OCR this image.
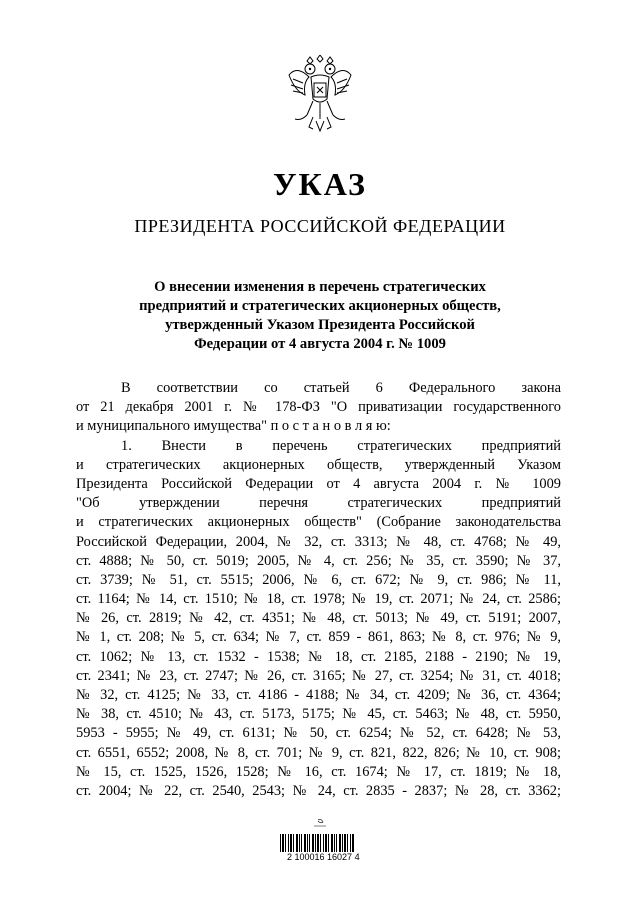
УКАЗ
ПРЕЗИДЕНТА РОССИЙСКОЙ ФЕДЕРАЦИИ
О внесении изменения в перечень стратегических
предприятий и стратегических акционерных обществ,
утвержденный Указом Президента Российской
Федерации от 4 августа 2004 г. № 1009
В соответствии со статьей 6 Федерального закона
от 21 декабря 2001 г. № 178-ФЗ "О приватизации государственного
и муниципального имущества" п о с т а н о в л я ю:
1. Внести в перечень стратегических предприятий
и стратегических акционерных обществ, утвержденный Указом
Президента Российской Федерации от 4 августа 2004 г. № 1009
"Об утверждении перечня стратегических предприятий
и стратегических акционерных обществ" (Собрание законодательства
Российской Федерации, 2004, № 32, ст. 3313; № 48, ст. 4768; № 49,
ст. 4888; № 50, ст. 5019; 2005, № 4, ст. 256; № 35, ст. 3590; № 37,
ст. 3739; № 51, ст. 5515; 2006, № 6, ст. 672; № 9, ст. 986; № 11,
ст. 1164; № 14, ст. 1510; № 18, ст. 1978; № 19, ст. 2071; № 24, ст. 2586;
№ 26, ст. 2819; № 42, ст. 4351; № 48, ст. 5013; № 49, ст. 5191; 2007,
№ 1, ст. 208; № 5, ст. 634; № 7, ст. 859 - 861, 863; № 8, ст. 976; № 9,
ст. 1062; № 13, ст. 1532 - 1538; № 18, ст. 2185, 2188 - 2190; № 19,
ст. 2341; № 23, ст. 2747; № 26, ст. 3165; № 27, ст. 3254; № 31, ст. 4018;
№ 32, ст. 4125; № 33, ст. 4186 - 4188; № 34, ст. 4209; № 36, ст. 4364;
№ 38, ст. 4510; № 43, ст. 5173, 5175; № 45, ст. 5463; № 48, ст. 5950,
5953 - 5955; № 49, ст. 6131; № 50, ст. 6254; № 52, ст. 6428; № 53,
ст. 6551, 6552; 2008, № 8, ст. 701; № 9, ст. 821, 822, 826; № 10, ст. 908;
№ 15, ст. 1525, 1526, 1528; № 16, ст. 1674; № 17, ст. 1819; № 18,
ст. 2004; № 22, ст. 2540, 2543; № 24, ст. 2835 - 2837; № 28, ст. 3362;
2 100016 16027 4
